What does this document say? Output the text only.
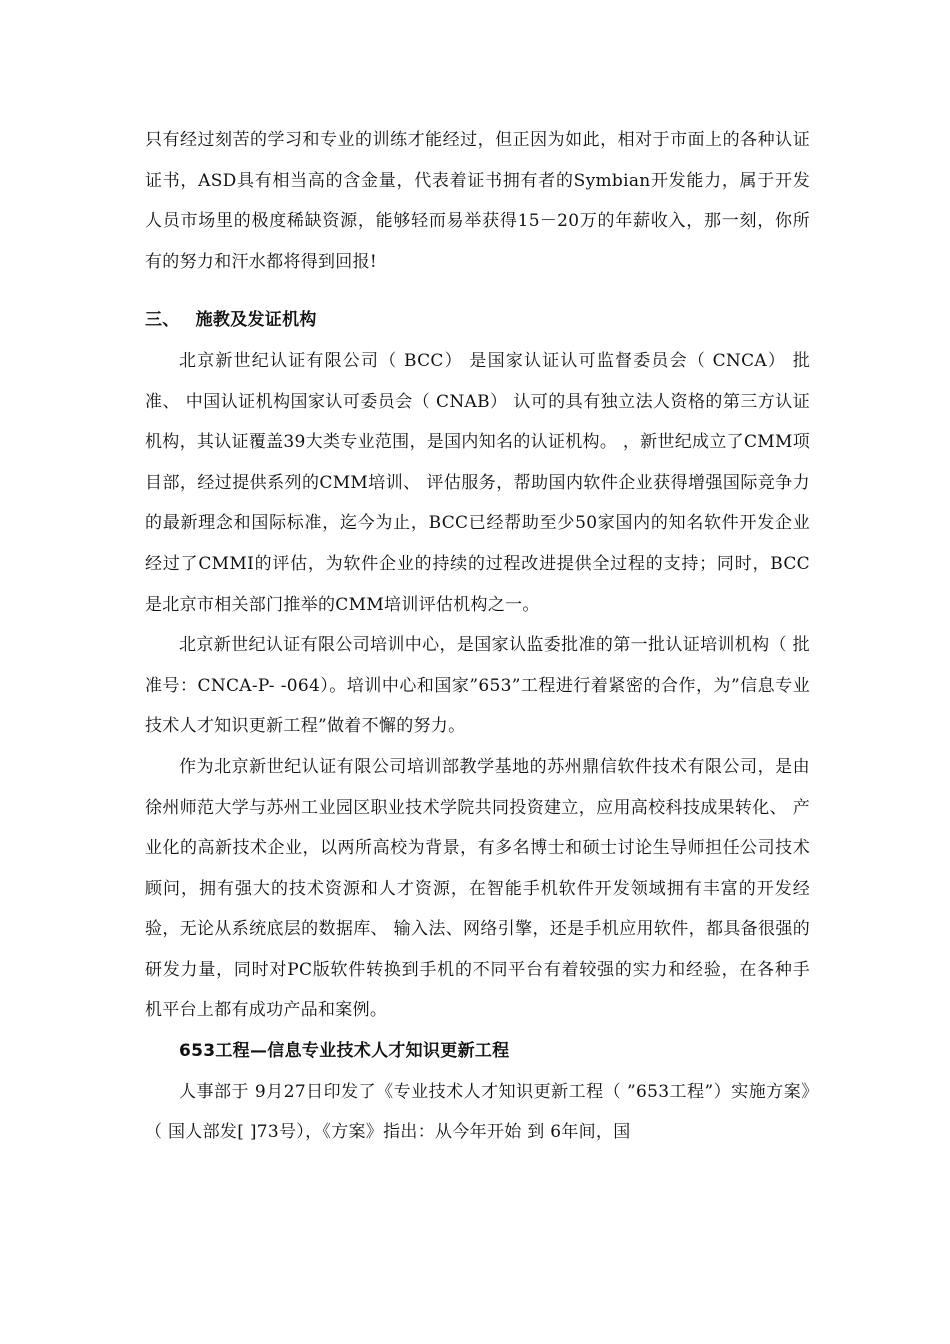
只有经过刻苦的学习和专业的训练才能经过，但正因为如此，相对于市面上的各种认证证书，ASD具有相当高的含金量，代表着证书拥有者的Symbian开发能力，属于开发人员市场里的极度稀缺资源，能够轻而易举获得15－20万的年薪收入，那一刻，你所有的努力和汗水都将得到回报!

三、 施教及发证机构

北京新世纪认证有限公司（ BCC） 是国家认证认可监督委员会（ CNCA） 批准、 中国认证机构国家认可委员会（ CNAB） 认可的具有独立法人资格的第三方认证机构，其认证覆盖39大类专业范围，是国内知名的认证机构。 ，新世纪成立了CMM项目部，经过提供系列的CMM培训、 评估服务，帮助国内软件企业获得增强国际竞争力的最新理念和国际标准，迄今为止，BCC已经帮助至少50家国内的知名软件开发企业经过了CMMI的评估，为软件企业的持续的过程改进提供全过程的支持；同时，BCC是北京市相关部门推举的CMM培训评估机构之一。

北京新世纪认证有限公司培训中心，是国家认监委批准的第一批认证培训机构（ 批准号：CNCA-P- -064）。培训中心和国家”653”工程进行着紧密的合作，为”信息专业技术人才知识更新工程”做着不懈的努力。

作为北京新世纪认证有限公司培训部教学基地的苏州鼎信软件技术有限公司，是由徐州师范大学与苏州工业园区职业技术学院共同投资建立，应用高校科技成果转化、 产业化的高新技术企业，以两所高校为背景，有多名博士和硕士讨论生导师担任公司技术顾问，拥有强大的技术资源和人才资源，在智能手机软件开发领域拥有丰富的开发经验，无论从系统底层的数据库、 输入法、网络引擎，还是手机应用软件，都具备很强的研发力量，同时对PC版软件转换到手机的不同平台有着较强的实力和经验，在各种手机平台上都有成功产品和案例。

653工程—信息专业技术人才知识更新工程

人事部于 9月27日印发了《专业技术人才知识更新工程（ ”653工程”）实施方案》（ 国人部发[ ]73号），《方案》指出：从今年开始 到 6年间，国
